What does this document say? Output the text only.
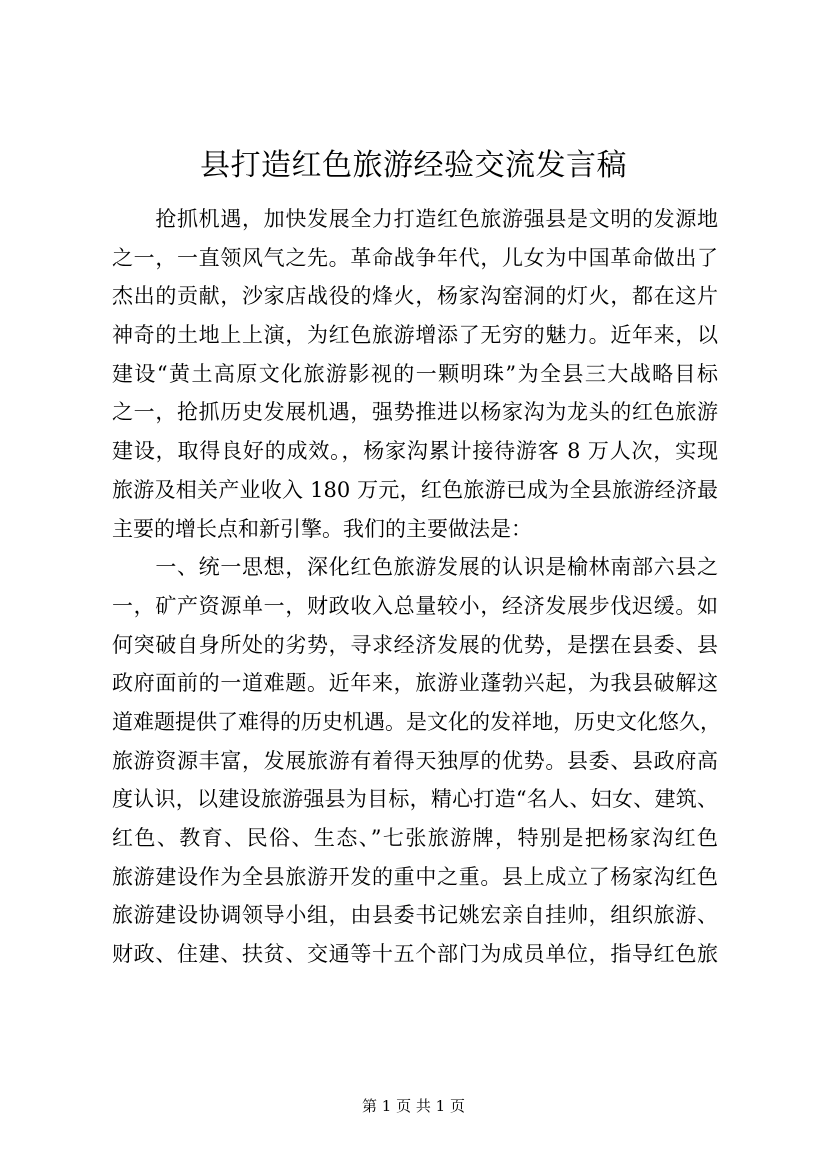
县打造红色旅游经验交流发言稿
　　抢抓机遇，加快发展全力打造红色旅游强县是文明的发源地
之一，一直领风气之先。革命战争年代，儿女为中国革命做出了
杰出的贡献，沙家店战役的烽火，杨家沟窑洞的灯火，都在这片
神奇的土地上上演，为红色旅游增添了无穷的魅力。近年来，以
建设“黄土高原文化旅游影视的一颗明珠”为全县三大战略目标
之一，抢抓历史发展机遇，强势推进以杨家沟为龙头的红色旅游
建设，取得良好的成效。，杨家沟累计接待游客 8 万人次，实现
旅游及相关产业收入 180 万元，红色旅游已成为全县旅游经济最
主要的增长点和新引擎。我们的主要做法是：
　　一、统一思想，深化红色旅游发展的认识是榆林南部六县之
一，矿产资源单一，财政收入总量较小，经济发展步伐迟缓。如
何突破自身所处的劣势，寻求经济发展的优势，是摆在县委、县
政府面前的一道难题。近年来，旅游业蓬勃兴起，为我县破解这
道难题提供了难得的历史机遇。是文化的发祥地，历史文化悠久，
旅游资源丰富，发展旅游有着得天独厚的优势。县委、县政府高
度认识，以建设旅游强县为目标，精心打造“名人、妇女、建筑、
红色、教育、民俗、生态、”七张旅游牌，特别是把杨家沟红色
旅游建设作为全县旅游开发的重中之重。县上成立了杨家沟红色
旅游建设协调领导小组，由县委书记姚宏亲自挂帅，组织旅游、
财政、住建、扶贫、交通等十五个部门为成员单位，指导红色旅
第 1 页 共 1 页
